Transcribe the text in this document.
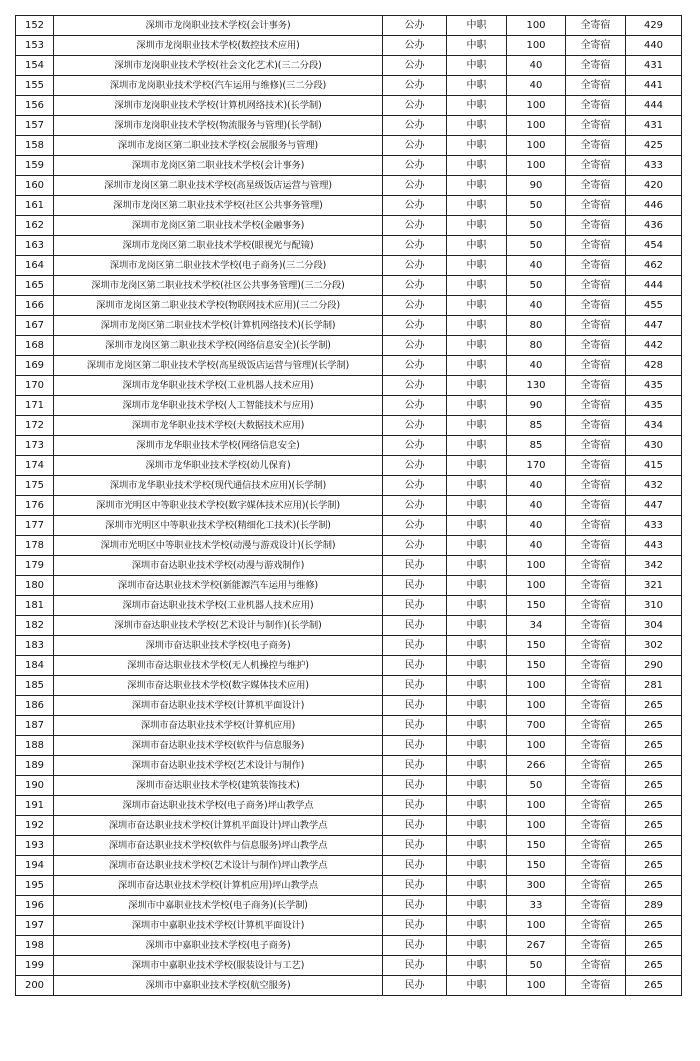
152	深圳市龙岗职业技术学校(会计事务)	公办	中职	100	全寄宿	429
153	深圳市龙岗职业技术学校(数控技术应用)	公办	中职	100	全寄宿	440
154	深圳市龙岗职业技术学校(社会文化艺术)(三二分段)	公办	中职	40	全寄宿	431
155	深圳市龙岗职业技术学校(汽车运用与维修)(三二分段)	公办	中职	40	全寄宿	441
156	深圳市龙岗职业技术学校(计算机网络技术)(长学制)	公办	中职	100	全寄宿	444
157	深圳市龙岗职业技术学校(物流服务与管理)(长学制)	公办	中职	100	全寄宿	431
158	深圳市龙岗区第二职业技术学校(会展服务与管理)	公办	中职	100	全寄宿	425
159	深圳市龙岗区第二职业技术学校(会计事务)	公办	中职	100	全寄宿	433
160	深圳市龙岗区第二职业技术学校(高星级饭店运营与管理)	公办	中职	90	全寄宿	420
161	深圳市龙岗区第二职业技术学校(社区公共事务管理)	公办	中职	50	全寄宿	446
162	深圳市龙岗区第二职业技术学校(金融事务)	公办	中职	50	全寄宿	436
163	深圳市龙岗区第二职业技术学校(眼视光与配镜)	公办	中职	50	全寄宿	454
164	深圳市龙岗区第二职业技术学校(电子商务)(三二分段)	公办	中职	40	全寄宿	462
165	深圳市龙岗区第二职业技术学校(社区公共事务管理)(三二分段)	公办	中职	50	全寄宿	444
166	深圳市龙岗区第二职业技术学校(物联网技术应用)(三二分段)	公办	中职	40	全寄宿	455
167	深圳市龙岗区第二职业技术学校(计算机网络技术)(长学制)	公办	中职	80	全寄宿	447
168	深圳市龙岗区第二职业技术学校(网络信息安全)(长学制)	公办	中职	80	全寄宿	442
169	深圳市龙岗区第二职业技术学校(高星级饭店运营与管理)(长学制)	公办	中职	40	全寄宿	428
170	深圳市龙华职业技术学校(工业机器人技术应用)	公办	中职	130	全寄宿	435
171	深圳市龙华职业技术学校(人工智能技术与应用)	公办	中职	90	全寄宿	435
172	深圳市龙华职业技术学校(大数据技术应用)	公办	中职	85	全寄宿	434
173	深圳市龙华职业技术学校(网络信息安全)	公办	中职	85	全寄宿	430
174	深圳市龙华职业技术学校(幼儿保育)	公办	中职	170	全寄宿	415
175	深圳市龙华职业技术学校(现代通信技术应用)(长学制)	公办	中职	40	全寄宿	432
176	深圳市光明区中等职业技术学校(数字媒体技术应用)(长学制)	公办	中职	40	全寄宿	447
177	深圳市光明区中等职业技术学校(精细化工技术)(长学制)	公办	中职	40	全寄宿	433
178	深圳市光明区中等职业技术学校(动漫与游戏设计)(长学制)	公办	中职	40	全寄宿	443
179	深圳市奋达职业技术学校(动漫与游戏制作)	民办	中职	100	全寄宿	342
180	深圳市奋达职业技术学校(新能源汽车运用与维修)	民办	中职	100	全寄宿	321
181	深圳市奋达职业技术学校(工业机器人技术应用)	民办	中职	150	全寄宿	310
182	深圳市奋达职业技术学校(艺术设计与制作)(长学制)	民办	中职	34	全寄宿	304
183	深圳市奋达职业技术学校(电子商务)	民办	中职	150	全寄宿	302
184	深圳市奋达职业技术学校(无人机操控与维护)	民办	中职	150	全寄宿	290
185	深圳市奋达职业技术学校(数字媒体技术应用)	民办	中职	100	全寄宿	281
186	深圳市奋达职业技术学校(计算机平面设计)	民办	中职	100	全寄宿	265
187	深圳市奋达职业技术学校(计算机应用)	民办	中职	700	全寄宿	265
188	深圳市奋达职业技术学校(软件与信息服务)	民办	中职	100	全寄宿	265
189	深圳市奋达职业技术学校(艺术设计与制作)	民办	中职	266	全寄宿	265
190	深圳市奋达职业技术学校(建筑装饰技术)	民办	中职	50	全寄宿	265
191	深圳市奋达职业技术学校(电子商务)坪山教学点	民办	中职	100	全寄宿	265
192	深圳市奋达职业技术学校(计算机平面设计)坪山教学点	民办	中职	100	全寄宿	265
193	深圳市奋达职业技术学校(软件与信息服务)坪山教学点	民办	中职	150	全寄宿	265
194	深圳市奋达职业技术学校(艺术设计与制作)坪山教学点	民办	中职	150	全寄宿	265
195	深圳市奋达职业技术学校(计算机应用)坪山教学点	民办	中职	300	全寄宿	265
196	深圳市中嘉职业技术学校(电子商务)(长学制)	民办	中职	33	全寄宿	289
197	深圳市中嘉职业技术学校(计算机平面设计)	民办	中职	100	全寄宿	265
198	深圳市中嘉职业技术学校(电子商务)	民办	中职	267	全寄宿	265
199	深圳市中嘉职业技术学校(服装设计与工艺)	民办	中职	50	全寄宿	265
200	深圳市中嘉职业技术学校(航空服务)	民办	中职	100	全寄宿	265
